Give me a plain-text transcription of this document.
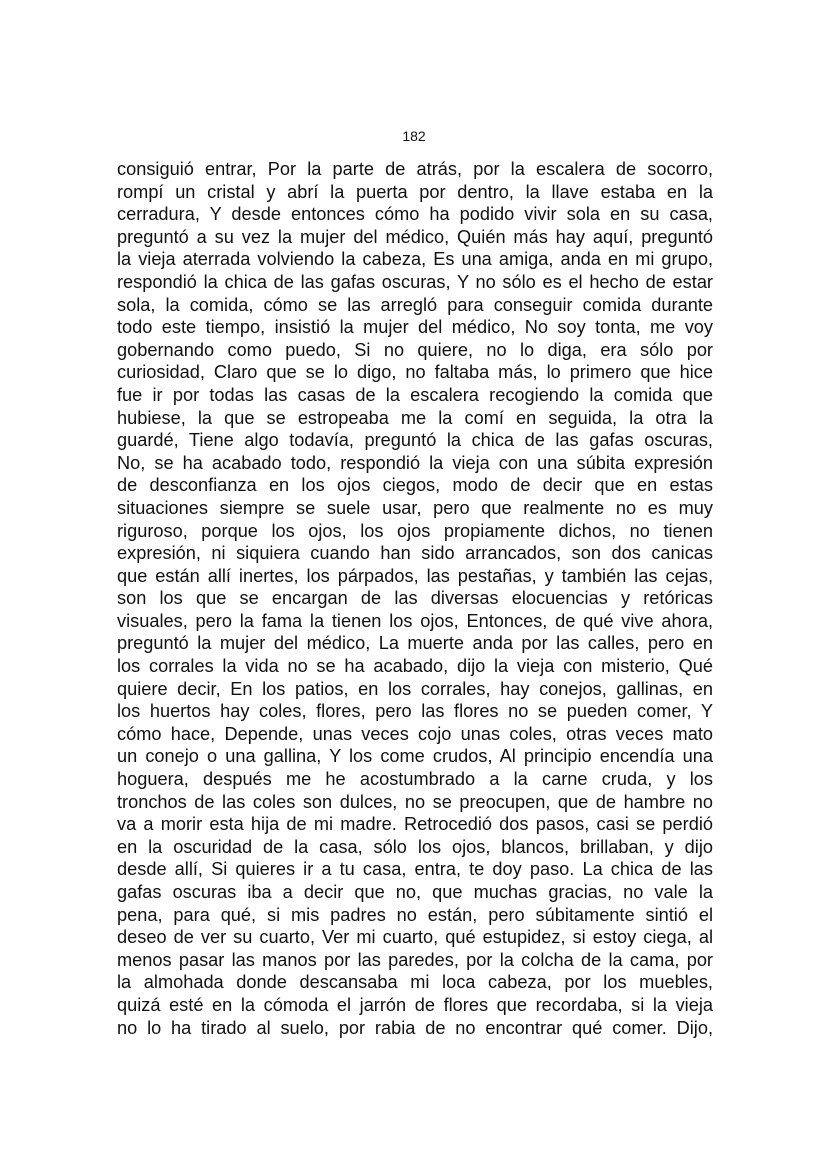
182
consiguió entrar, Por la parte de atrás, por la escalera de socorro,
rompí un cristal y abrí la puerta por dentro, la llave estaba en la
cerradura, Y desde entonces cómo ha podido vivir sola en su casa,
preguntó a su vez la mujer del médico, Quién más hay aquí, preguntó
la vieja aterrada volviendo la cabeza, Es una amiga, anda en mi grupo,
respondió la chica de las gafas oscuras, Y no sólo es el hecho de estar
sola, la comida, cómo se las arregló para conseguir comida durante
todo este tiempo, insistió la mujer del médico, No soy tonta, me voy
gobernando como puedo, Si no quiere, no lo diga, era sólo por
curiosidad, Claro que se lo digo, no faltaba más, lo primero que hice
fue ir por todas las casas de la escalera recogiendo la comida que
hubiese, la que se estropeaba me la comí en seguida, la otra la
guardé, Tiene algo todavía, preguntó la chica de las gafas oscuras,
No, se ha acabado todo, respondió la vieja con una súbita expresión
de desconfianza en los ojos ciegos, modo de decir que en estas
situaciones siempre se suele usar, pero que realmente no es muy
riguroso, porque los ojos, los ojos propiamente dichos, no tienen
expresión, ni siquiera cuando han sido arrancados, son dos canicas
que están allí inertes, los párpados, las pestañas, y también las cejas,
son los que se encargan de las diversas elocuencias y retóricas
visuales, pero la fama la tienen los ojos, Entonces, de qué vive ahora,
preguntó la mujer del médico, La muerte anda por las calles, pero en
los corrales la vida no se ha acabado, dijo la vieja con misterio, Qué
quiere decir, En los patios, en los corrales, hay conejos, gallinas, en
los huertos hay coles, flores, pero las flores no se pueden comer, Y
cómo hace, Depende, unas veces cojo unas coles, otras veces mato
un conejo o una gallina, Y los come crudos, Al principio encendía una
hoguera, después me he acostumbrado a la carne cruda, y los
tronchos de las coles son dulces, no se preocupen, que de hambre no
va a morir esta hija de mi madre. Retrocedió dos pasos, casi se perdió
en la oscuridad de la casa, sólo los ojos, blancos, brillaban, y dijo
desde allí, Si quieres ir a tu casa, entra, te doy paso. La chica de las
gafas oscuras iba a decir que no, que muchas gracias, no vale la
pena, para qué, si mis padres no están, pero súbitamente sintió el
deseo de ver su cuarto, Ver mi cuarto, qué estupidez, si estoy ciega, al
menos pasar las manos por las paredes, por la colcha de la cama, por
la almohada donde descansaba mi loca cabeza, por los muebles,
quizá esté en la cómoda el jarrón de flores que recordaba, si la vieja
no lo ha tirado al suelo, por rabia de no encontrar qué comer. Dijo,
